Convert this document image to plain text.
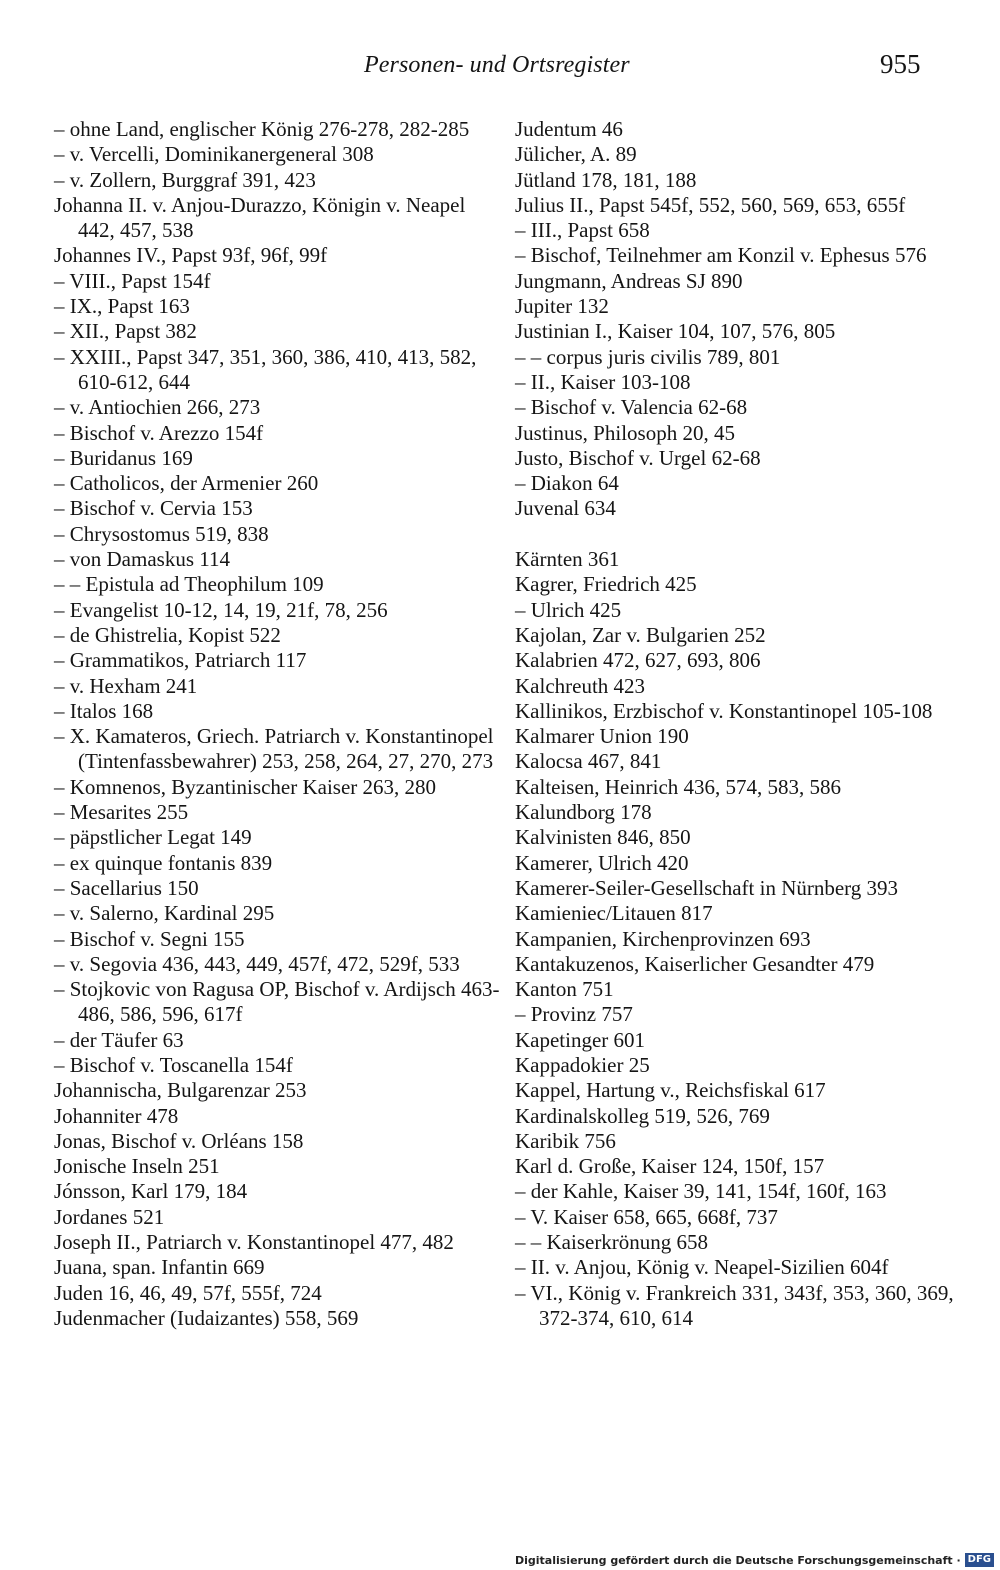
Personen- und Ortsregister	955
– ohne Land, englischer König 276-278, 282-285
– v. Vercelli, Dominikanergeneral 308
– v. Zollern, Burggraf 391, 423
Johanna II. v. Anjou-Durazzo, Königin v. Neapel 442, 457, 538
Johannes IV., Papst 93f, 96f, 99f
– VIII., Papst 154f
– IX., Papst 163
– XII., Papst 382
– XXIII., Papst 347, 351, 360, 386, 410, 413, 582, 610-612, 644
– v. Antiochien 266, 273
– Bischof v. Arezzo 154f
– Buridanus 169
– Catholicos, der Armenier 260
– Bischof v. Cervia 153
– Chrysostomus 519, 838
– von Damaskus 114
– – Epistula ad Theophilum 109
– Evangelist 10-12, 14, 19, 21f, 78, 256
– de Ghistrelia, Kopist 522
– Grammatikos, Patriarch 117
– v. Hexham 241
– Italos 168
– X. Kamateros, Griech. Patriarch v. Konstantinopel (Tintenfassbewahrer) 253, 258, 264, 27, 270, 273
– Komnenos, Byzantinischer Kaiser 263, 280
– Mesarites 255
– päpstlicher Legat 149
– ex quinque fontanis 839
– Sacellarius 150
– v. Salerno, Kardinal 295
– Bischof v. Segni 155
– v. Segovia 436, 443, 449, 457f, 472, 529f, 533
– Stojkovic von Ragusa OP, Bischof v. Ardijsch 463-486, 586, 596, 617f
– der Täufer 63
– Bischof v. Toscanella 154f
Johannischa, Bulgarenzar 253
Johanniter 478
Jonas, Bischof v. Orléans 158
Jonische Inseln 251
Jónsson, Karl 179, 184
Jordanes 521
Joseph II., Patriarch v. Konstantinopel 477, 482
Juana, span. Infantin 669
Juden 16, 46, 49, 57f, 555f, 724
Judenmacher (Iudaizantes) 558, 569
Judentum 46
Jülicher, A. 89
Jütland 178, 181, 188
Julius II., Papst 545f, 552, 560, 569, 653, 655f
– III., Papst 658
– Bischof, Teilnehmer am Konzil v. Ephesus 576
Jungmann, Andreas SJ 890
Jupiter 132
Justinian I., Kaiser 104, 107, 576, 805
– – corpus juris civilis 789, 801
– II., Kaiser 103-108
– Bischof v. Valencia 62-68
Justinus, Philosoph 20, 45
Justo, Bischof v. Urgel 62-68
– Diakon 64
Juvenal 634
Kärnten 361
Kagrer, Friedrich 425
– Ulrich 425
Kajolan, Zar v. Bulgarien 252
Kalabrien 472, 627, 693, 806
Kalchreuth 423
Kallinikos, Erzbischof v. Konstantinopel 105-108
Kalmarer Union 190
Kalocsa 467, 841
Kalteisen, Heinrich 436, 574, 583, 586
Kalundborg 178
Kalvinisten 846, 850
Kamerer, Ulrich 420
Kamerer-Seiler-Gesellschaft in Nürnberg 393
Kamieniec/Litauen 817
Kampanien, Kirchenprovinzen 693
Kantakuzenos, Kaiserlicher Gesandter 479
Kanton 751
– Provinz 757
Kapetinger 601
Kappadokier 25
Kappel, Hartung v., Reichsfiskal 617
Kardinalskolleg 519, 526, 769
Karibik 756
Karl d. Große, Kaiser 124, 150f, 157
– der Kahle, Kaiser 39, 141, 154f, 160f, 163
– V. Kaiser 658, 665, 668f, 737
– – Kaiserkrönung 658
– II. v. Anjou, König v. Neapel-Sizilien 604f
– VI., König v. Frankreich 331, 343f, 353, 360, 369, 372-374, 610, 614
Digitalisierung gefördert durch die Deutsche Forschungsgemeinschaft · DFG
